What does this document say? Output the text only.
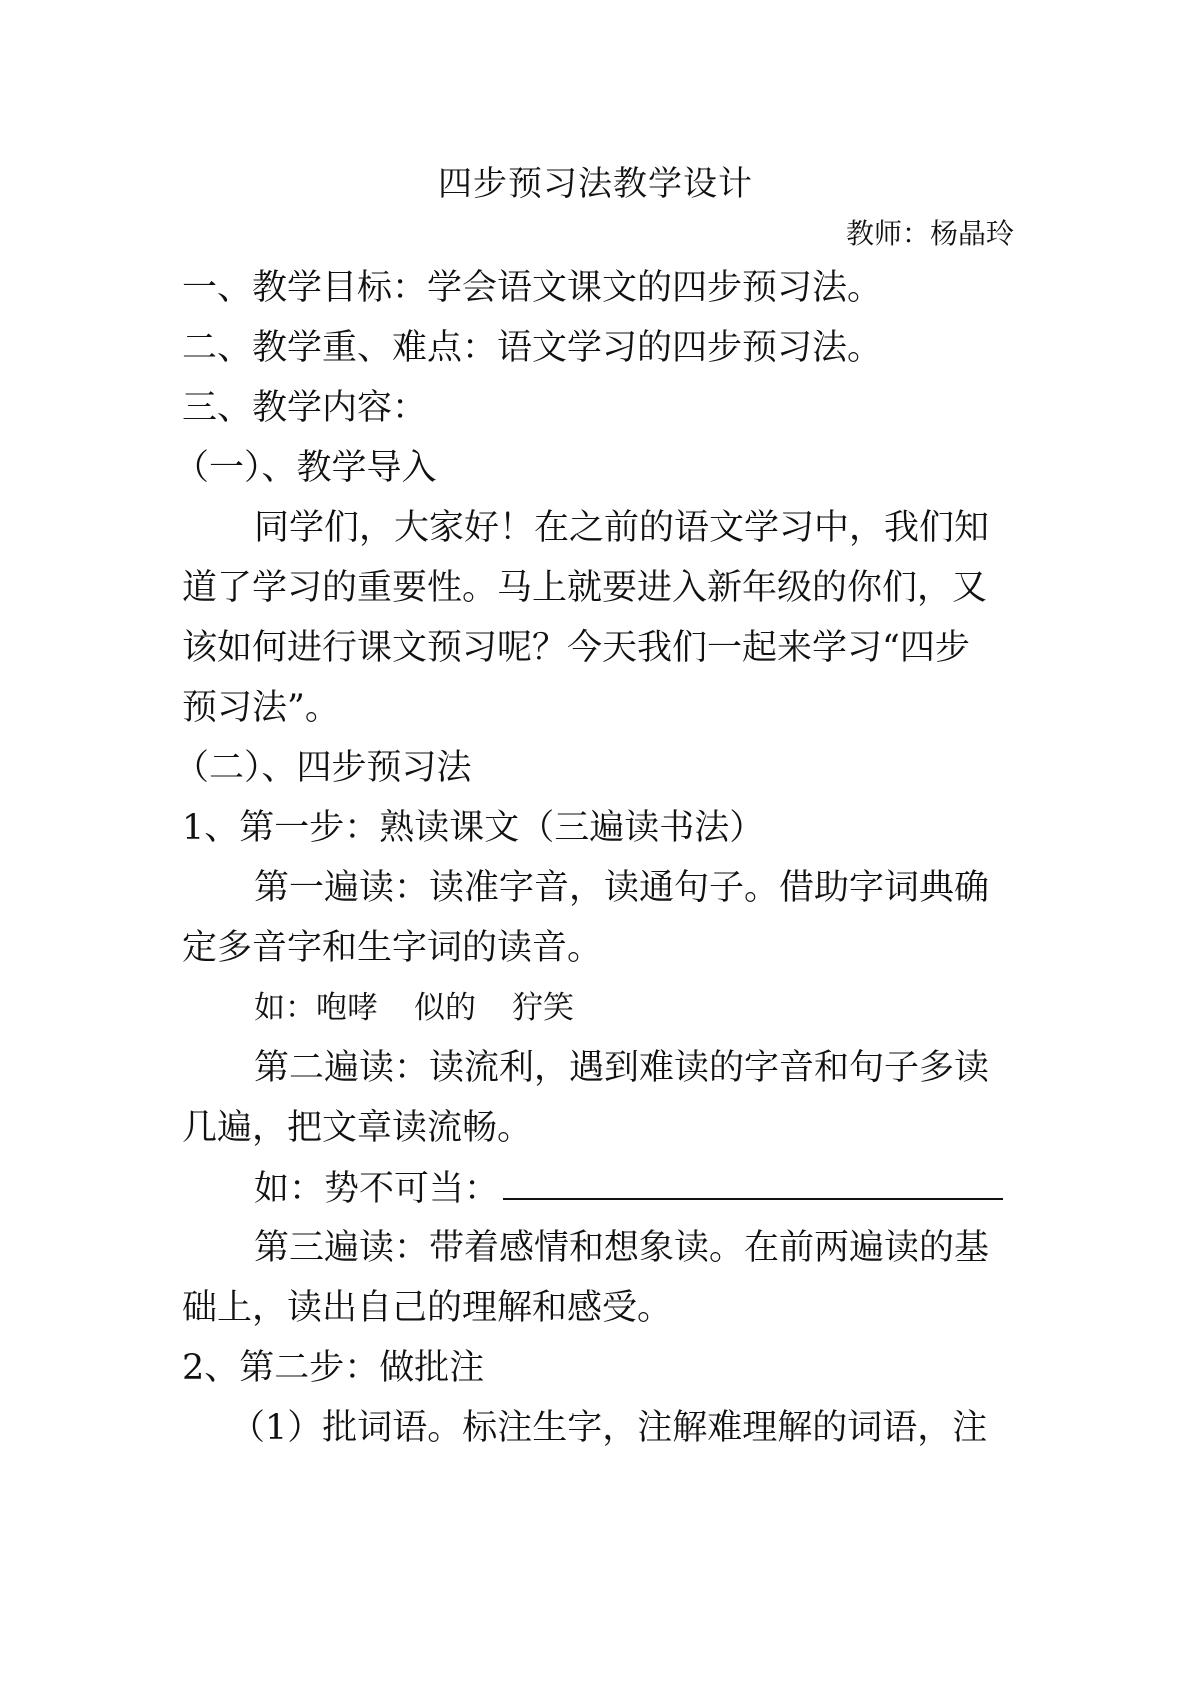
四步预习法教学设计
教师：杨晶玲
一、教学目标：学会语文课文的四步预习法。
二、教学重、难点：语文学习的四步预习法。
三、教学内容：
（一）、教学导入
同学们，大家好！在之前的语文学习中，我们知
道了学习的重要性。马上就要进入新年级的你们，又
该如何进行课文预习呢？今天我们一起来学习“四步
预习法”。
（二）、四步预习法
1、第一步：熟读课文（三遍读书法）
第一遍读：读准字音，读通句子。借助字词典确
定多音字和生字词的读音。
如：咆哮 似的 狞笑
第二遍读：读流利，遇到难读的字音和句子多读
几遍，把文章读流畅。
如：势不可当：
第三遍读：带着感情和想象读。在前两遍读的基
础上，读出自己的理解和感受。
2、第二步：做批注
（1）批词语。标注生字，注解难理解的词语，注
